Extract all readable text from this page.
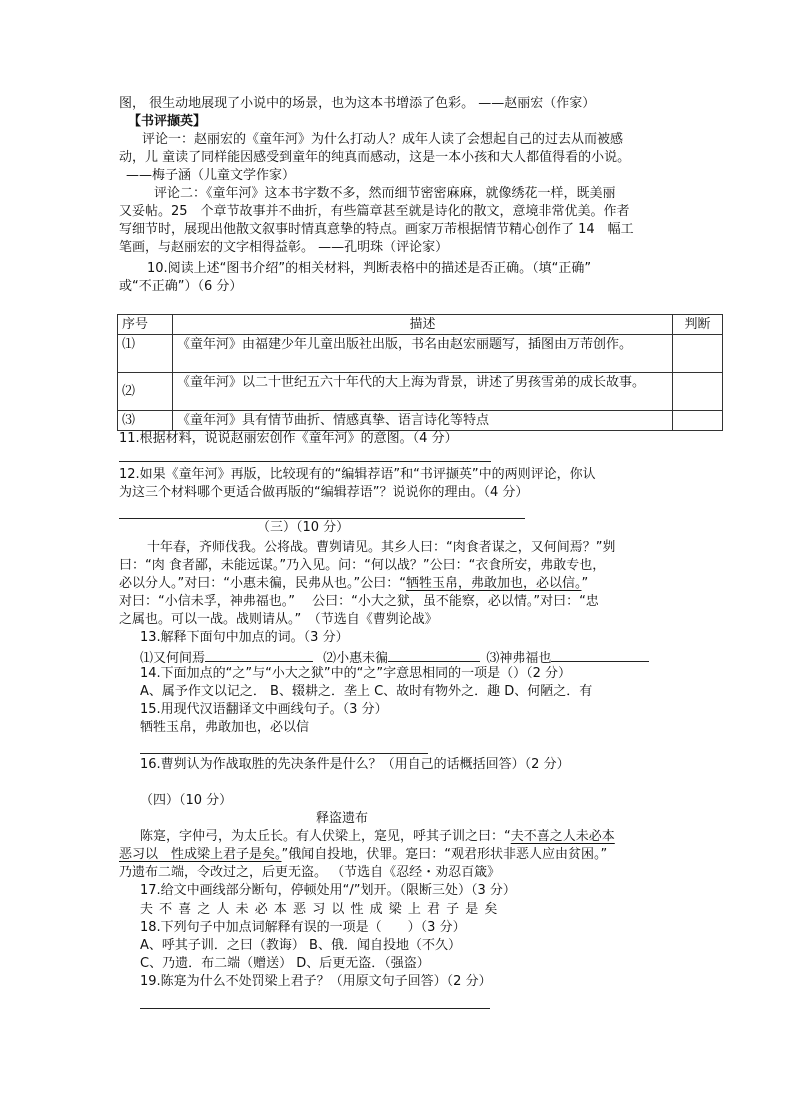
图， 很生动地展现了小说中的场景，也为这本书增添了色彩。 ——赵丽宏（作家）
【书评撷英】
评论一：赵丽宏的《童年河》为什么打动人？成年人读了会想起自己的过去从而被感
动，儿 童读了同样能因感受到童年的纯真而感动，这是一本小孩和大人都值得看的小说。
——梅子涵（儿童文学作家）
评论二：《童年河》这本书字数不多，然而细节密密麻麻，就像绣花一样，既美丽
又妥帖。25　个章节故事并不曲折，有些篇章甚至就是诗化的散文，意境非常优美。作者
写细节时，展现出他散文叙事时情真意挚的特点。画家万芾根据情节精心创作了 14　幅工
笔画，与赵丽宏的文字相得益彰。 ——孔明珠（评论家）
10.阅读上述“图书介绍”的相关材料，判断表格中的描述是否正确。（填“正确”
或“不正确”）（6 分）
序号	描述	判断
⑴	《童年河》由福建少年儿童出版社出版，书名由赵宏丽题写，插图由万芾创作。	
⑵	《童年河》以二十世纪五六十年代的大上海为背景，讲述了男孩雪弟的成长故事。	
⑶	《童年河》具有情节曲折、情感真挚、语言诗化等特点	
11.根据材料，说说赵丽宏创作《童年河》的意图。（4 分）
12.如果《童年河》再版，比较现有的“编辑荐语”和“书评撷英”中的两则评论，你认
为这三个材料哪个更适合做再版的“编辑荐语”？说说你的理由。（4 分）
（三）（10 分）
十年春，齐师伐我。公将战。曹刿请见。其乡人曰：“肉食者谋之，又何间焉？”刿
曰：“肉 食者鄙，未能远谋。”乃入见。问：“何以战？”公曰：“衣食所安，弗敢专也，
必以分人。”对曰：“小惠未徧，民弗从也。”公曰：“牺牲玉帛，弗敢加也，必以信。”
对曰：“小信未孚，神弗福也。”　 公曰：“小大之狱，虽不能察，必以情。”对曰：“忠
之属也。可以一战。战则请从。”　（节选自《曹刿论战》
13.解释下面句中加点的词。（3 分）
⑴又何间焉	⑵小惠未徧	⑶神弗福也
14.下面加点的“之”与“小大之狱”中的“之”字意思相同的一项是（）（2 分）
A、属予作文以记之． B、辍耕之．垄上 C、故时有物外之．趣 D、何陋之．有
15.用现代汉语翻译文中画线句子。（3 分）
牺牲玉帛，弗敢加也，必以信
16.曹刿认为作战取胜的先决条件是什么？（用自己的话概括回答）（2 分）
（四）（10 分）
释盗遗布
陈寔，字仲弓，为太丘长。有人伏梁上，寔见，呼其子训之曰：“夫不喜之人未必本
恶习以　性成梁上君子是矣。”俄闻自投地，伏罪。寔曰：“观君形状非恶人应由贫困。”
乃遗布二端，令改过之，后更无盗。 （节选自《忍经・劝忍百箴》
17.给文中画线部分断句，停顿处用“/”划开。（限断三处）（3 分）
夫 不 喜 之 人 未 必 本 恶 习 以 性 成 梁 上 君 子 是 矣
18.下列句子中加点词解释有误的一项是（　　）（3 分）
A、呼其子训．之曰（教诲） B、俄．闻自投地（不久）
C、乃遗．布二端（赠送） D、后更无盗．（强盗）
19.陈寔为什么不处罚梁上君子？（用原文句子回答）（2 分）
